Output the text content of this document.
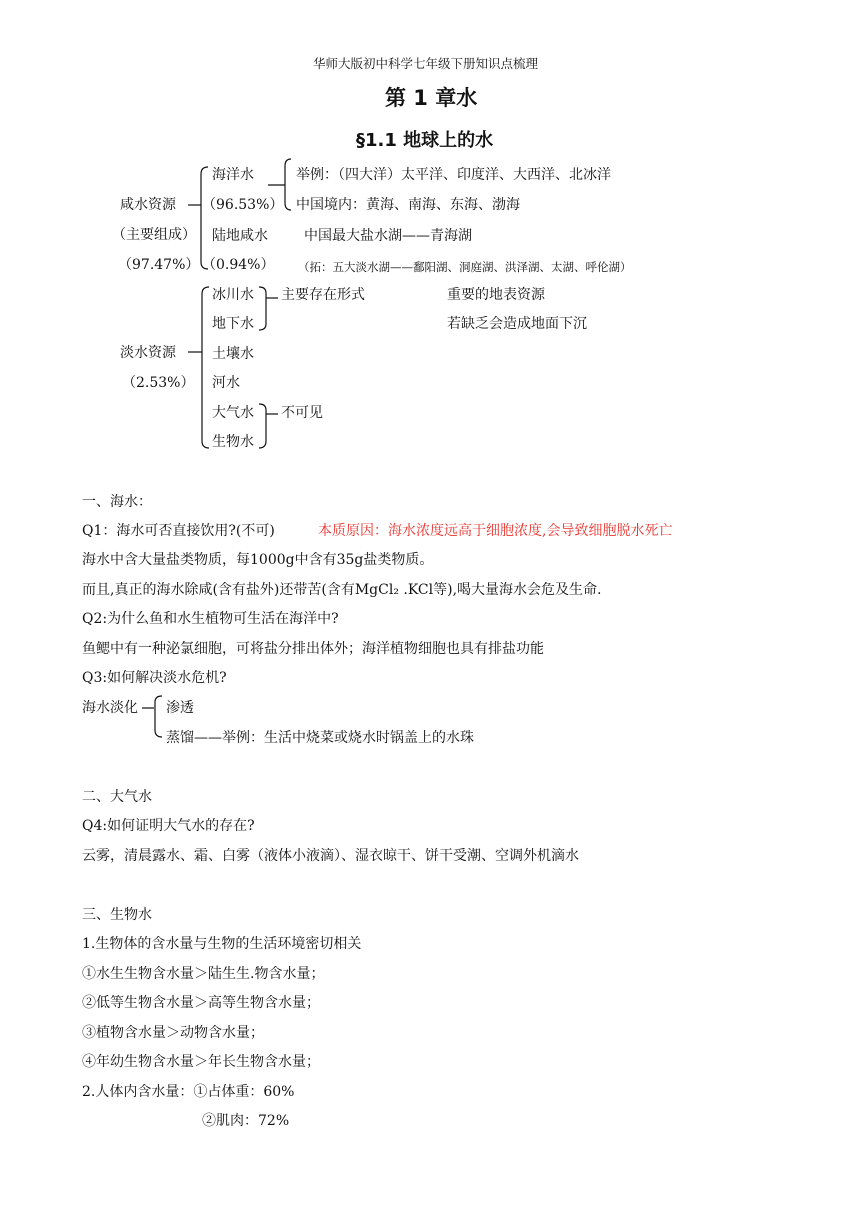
华师大版初中科学七年级下册知识点梳理
第 1 章水
§1.1 地球上的水
咸水资源
（主要组成）
（97.47%）
海洋水
（96.53%）
举例：（四大洋）太平洋、印度洋、大西洋、北冰洋
中国境内：黄海、南海、东海、渤海
陆地咸水	中国最大盐水湖——青海湖
（0.94%） （拓：五大淡水湖——鄱阳湖、洞庭湖、洪泽湖、太湖、呼伦湖）
淡水资源
（2.53%）
冰川水
地下水
主要存在形式	重要的地表资源
若缺乏会造成地面下沉
土壤水
河水
大气水
生物水
不可见
一、海水：
Q1：海水可否直接饮用?(不可)	本质原因：海水浓度远高于细胞浓度,会导致细胞脱水死亡
海水中含大量盐类物质，每1000g中含有35g盐类物质。
而且,真正的海水除咸(含有盐外)还带苦(含有MgCl₂ .KCl等),喝大量海水会危及生命.
Q2:为什么鱼和水生植物可生活在海洋中?
鱼鳃中有一种泌氯细胞，可将盐分排出体外；海洋植物细胞也具有排盐功能
Q3:如何解决淡水危机?
海水淡化 渗透
蒸馏——举例：生活中烧菜或烧水时锅盖上的水珠
二、大气水
Q4:如何证明大气水的存在?
云雾，清晨露水、霜、白雾（液体小液滴）、湿衣晾干、饼干受潮、空调外机滴水
三、生物水
1.生物体的含水量与生物的生活环境密切相关
①水生生物含水量＞陆生生.物含水量；
②低等生物含水量＞高等生物含水量；
③植物含水量＞动物含水量；
④年幼生物含水量＞年长生物含水量；
2.人体内含水量：①占体重：60%
②肌肉：72%
